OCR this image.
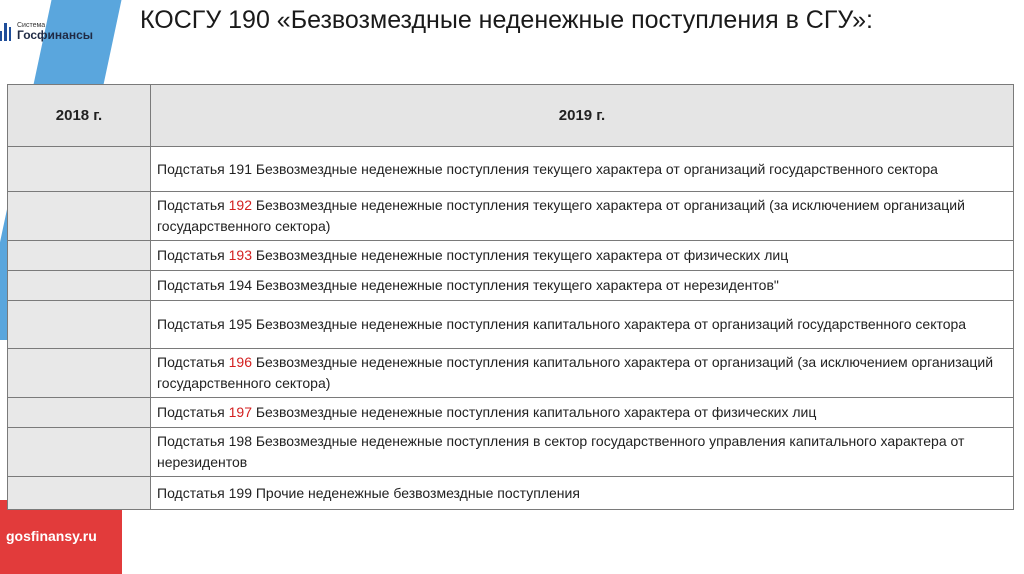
Система
Госфинансы
gosfinansy.ru
КОСГУ 190 «Безвозмездные неденежные поступления в СГУ»:
2018 г.	2019 г.
	Подстатья 191 Безвозмездные неденежные поступления текущего характера от организаций государственного сектора
	Подстатья 192 Безвозмездные неденежные поступления текущего характера от организаций (за исключением организаций государственного сектора)
	Подстатья 193 Безвозмездные неденежные поступления текущего характера от физических лиц
	Подстатья 194 Безвозмездные неденежные поступления текущего характера от нерезидентов"
	Подстатья 195 Безвозмездные неденежные поступления капитального характера от организаций государственного сектора
	Подстатья 196 Безвозмездные неденежные поступления капитального характера от организаций (за исключением организаций государственного сектора)
	Подстатья 197 Безвозмездные неденежные поступления капитального характера от физических лиц
	Подстатья 198 Безвозмездные неденежные поступления в сектор государственного управления капитального характера от нерезидентов
	Подстатья 199 Прочие неденежные безвозмездные поступления
